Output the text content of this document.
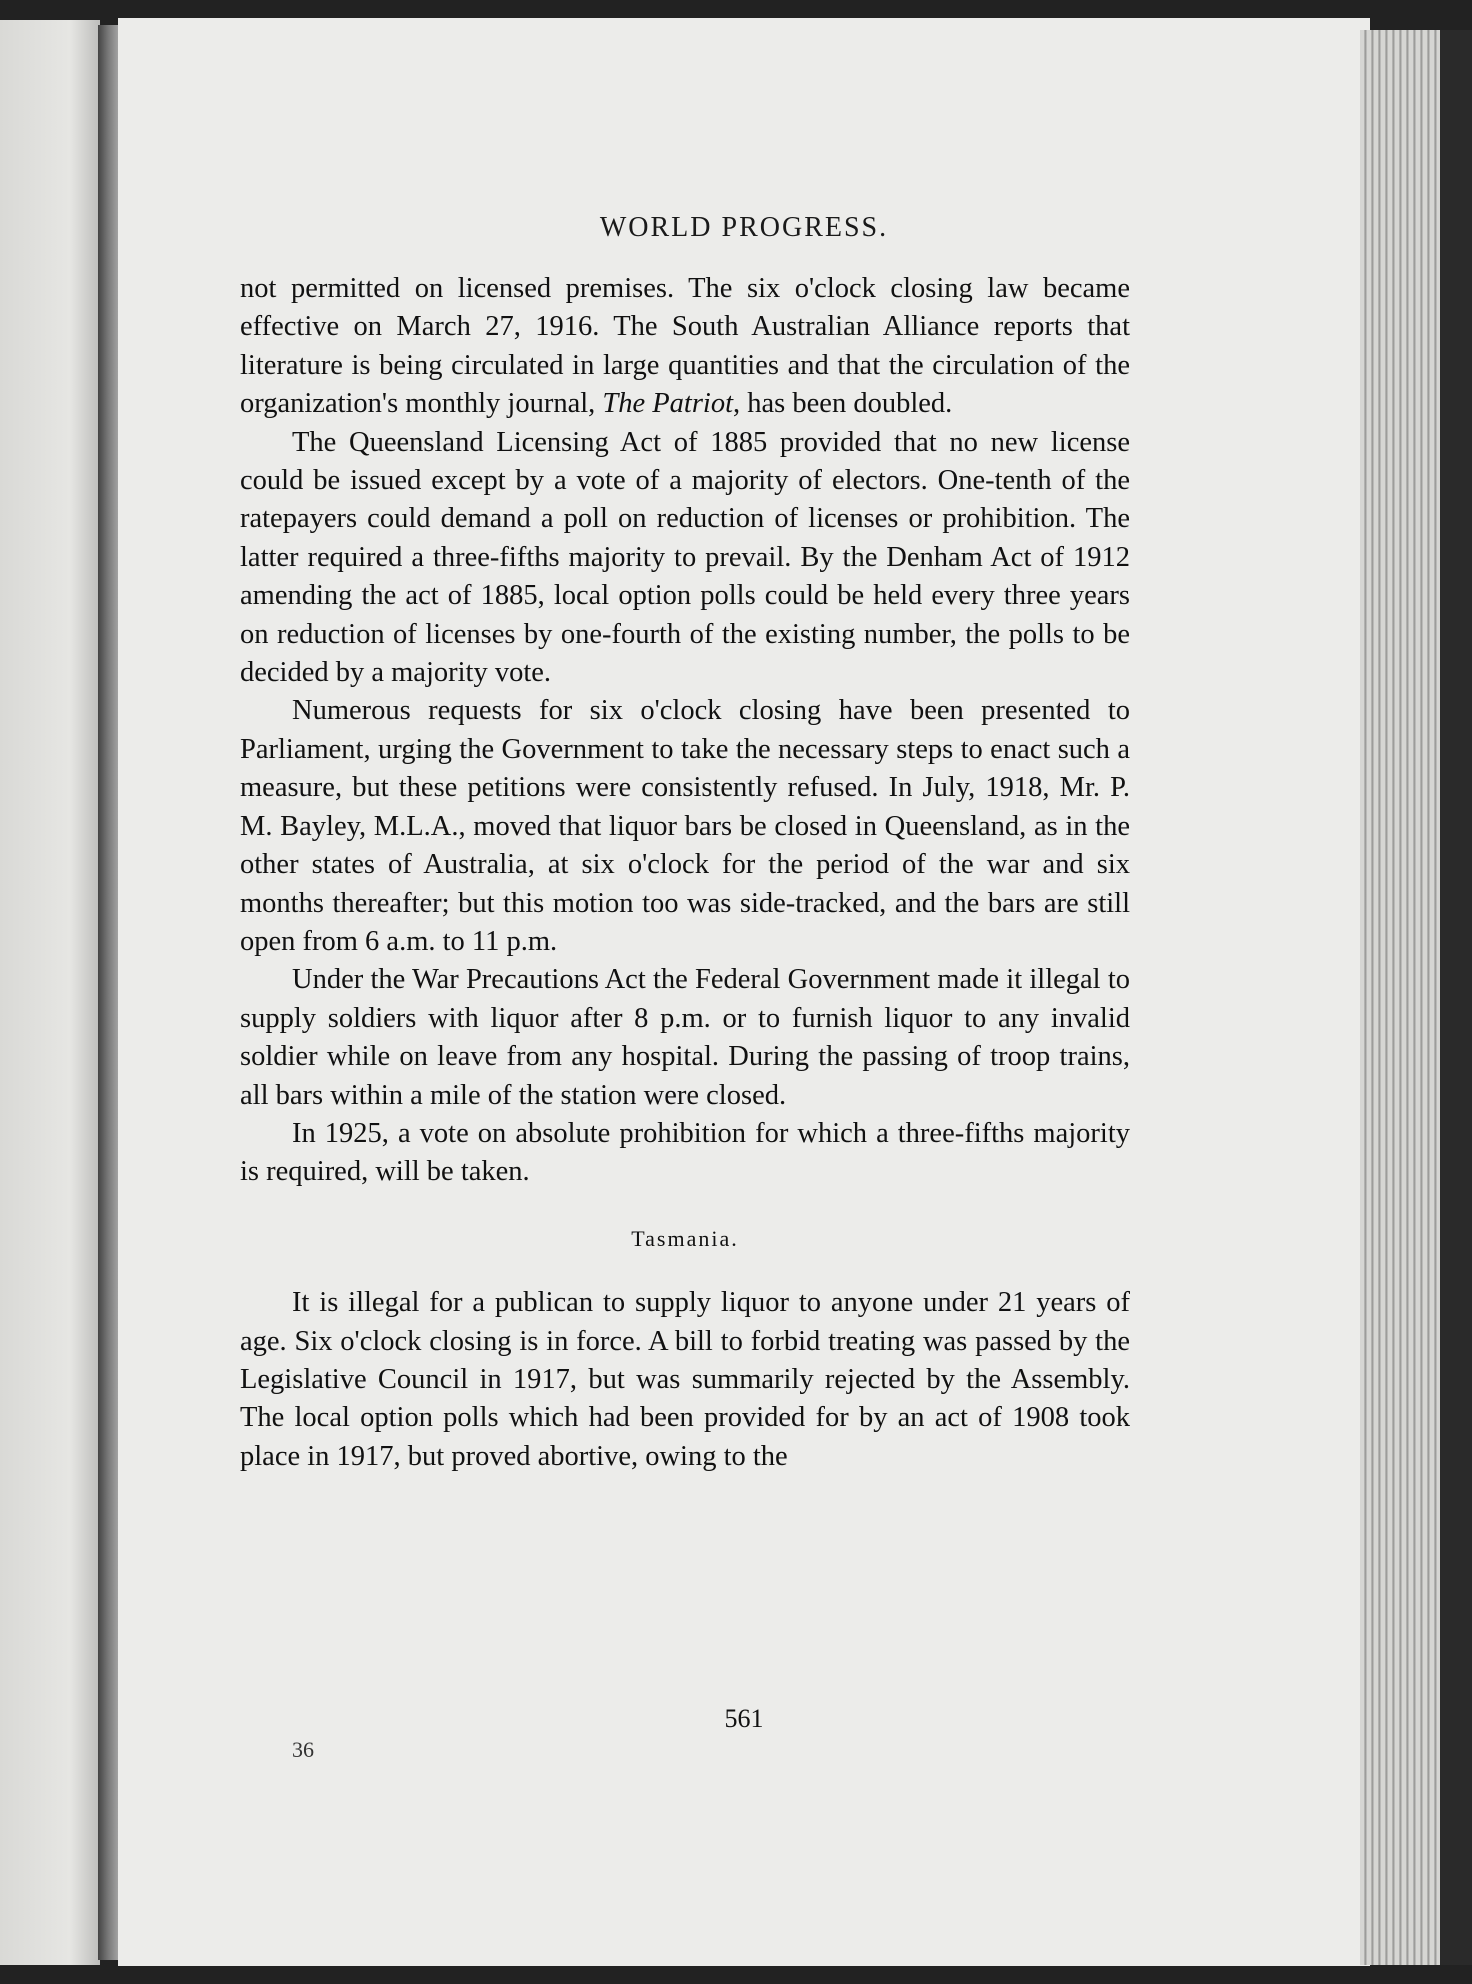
WORLD PROGRESS.

not permitted on licensed premises. The six o'clock closing law became effective on March 27, 1916. The South Australian Alliance reports that literature is being circulated in large quantities and that the circulation of the organization's monthly journal, The Patriot, has been doubled.

The Queensland Licensing Act of 1885 provided that no new license could be issued except by a vote of a majority of electors. One-tenth of the ratepayers could demand a poll on reduction of licenses or prohibition. The latter required a three-fifths majority to prevail. By the Denham Act of 1912 amending the act of 1885, local option polls could be held every three years on reduction of licenses by one-fourth of the existing number, the polls to be decided by a majority vote.

Numerous requests for six o'clock closing have been presented to Parliament, urging the Government to take the necessary steps to enact such a measure, but these petitions were consistently refused. In July, 1918, Mr. P. M. Bayley, M.L.A., moved that liquor bars be closed in Queensland, as in the other states of Australia, at six o'clock for the period of the war and six months thereafter; but this motion too was side-tracked, and the bars are still open from 6 a.m. to 11 p.m.

Under the War Precautions Act the Federal Government made it illegal to supply soldiers with liquor after 8 p.m. or to furnish liquor to any invalid soldier while on leave from any hospital. During the passing of troop trains, all bars within a mile of the station were closed.

In 1925, a vote on absolute prohibition for which a three-fifths majority is required, will be taken.

Tasmania.

It is illegal for a publican to supply liquor to anyone under 21 years of age. Six o'clock closing is in force. A bill to forbid treating was passed by the Legislative Council in 1917, but was summarily rejected by the Assembly. The local option polls which had been provided for by an act of 1908 took place in 1917, but proved abortive, owing to the

561
36
